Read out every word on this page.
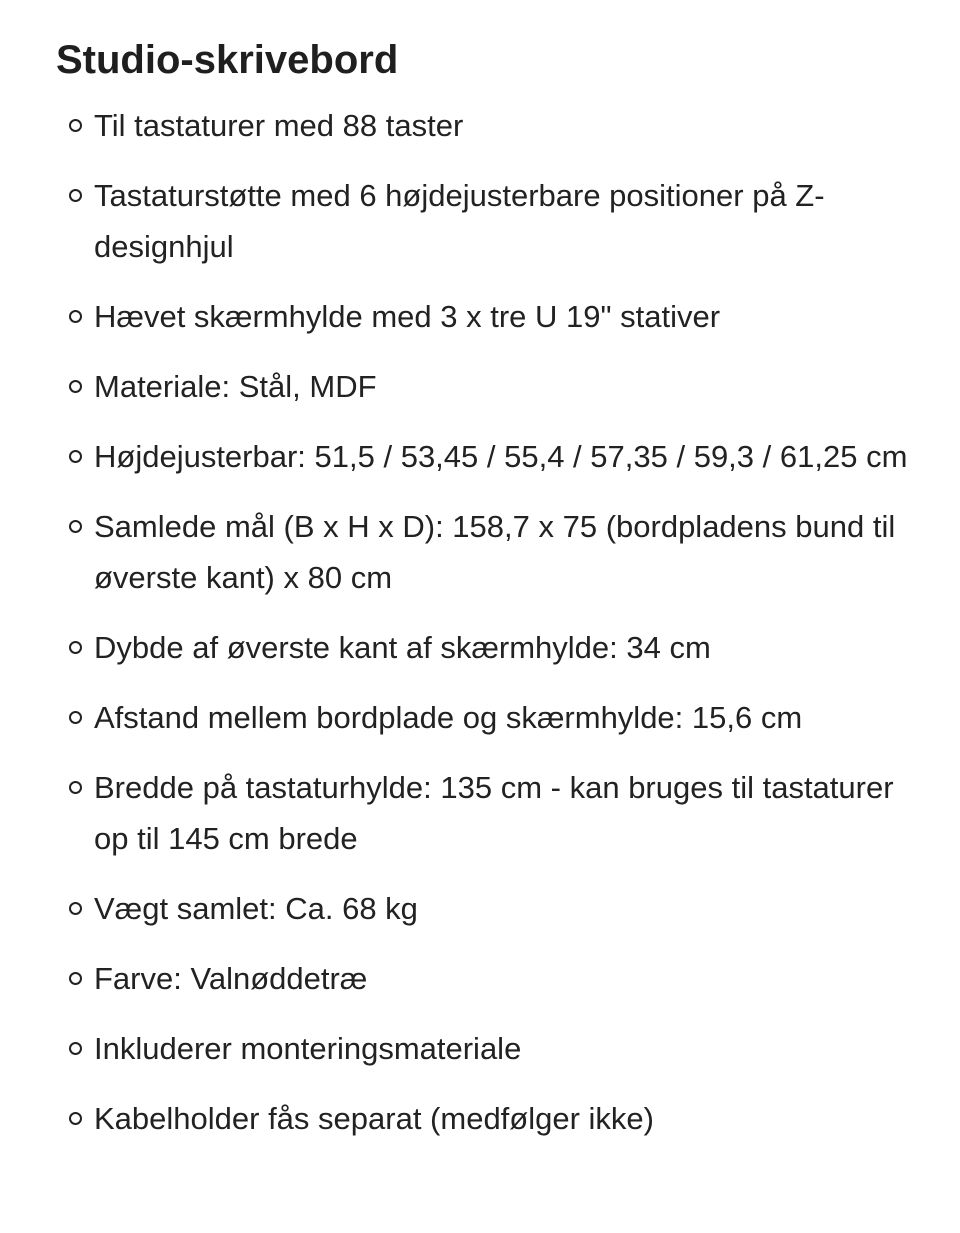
Studio-skrivebord
Til tastaturer med 88 taster
Tastaturstøtte med 6 højdejusterbare positioner på Z-designhjul
Hævet skærmhylde med 3 x tre U 19" stativer
Materiale: Stål, MDF
Højdejusterbar: 51,5 / 53,45 / 55,4 / 57,35 / 59,3 / 61,25 cm
Samlede mål (B x H x D): 158,7 x 75 (bordpladens bund til øverste kant) x 80 cm
Dybde af øverste kant af skærmhylde: 34 cm
Afstand mellem bordplade og skærmhylde: 15,6 cm
Bredde på tastaturhylde: 135 cm - kan bruges til tastaturer op til 145 cm brede
Vægt samlet: Ca. 68 kg
Farve: Valnøddetræ
Inkluderer monteringsmateriale
Kabelholder fås separat (medfølger ikke)
